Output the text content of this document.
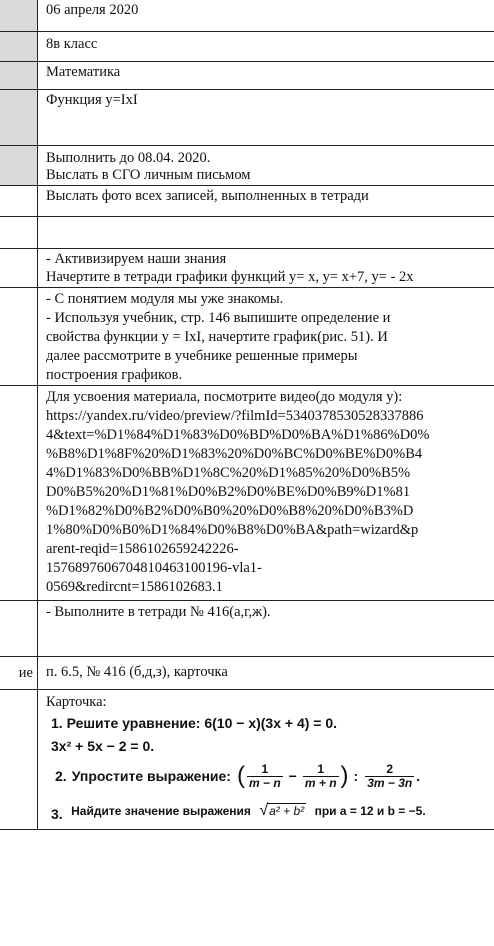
06 апреля 2020
8в класс
Математика
Функция y=IxI
Выполнить до 08.04. 2020.
Выслать в СГО личным письмом
Выслать фото всех записей, выполненных в тетради
- Активизируем наши знания
Начертите в тетради графики функций y= x, y= x+7, y= - 2x
- С понятием модуля мы уже знакомы.
- Используя учебник, стр. 146 выпишите определение и
свойства функции y = IxI, начертите график(рис. 51). И
далее рассмотрите в учебнике решенные примеры
построения графиков.
Для усвоения материала, посмотрите видео(до модуля y):
https://yandex.ru/video/preview/?filmId=5340378530528337886
4&text=%D1%84%D1%83%D0%BD%D0%BA%D1%86%D0%
%B8%D1%8F%20%D1%83%20%D0%BC%D0%BE%D0%B4
4%D1%83%D0%BB%D1%8C%20%D1%85%20%D0%B5%
D0%B5%20%D1%81%D0%B2%D0%BE%D0%B9%D1%81
%D1%82%D0%B2%D0%B0%20%D0%B8%20%D0%B3%D
1%80%D0%B0%D1%84%D0%B8%D0%BA&path=wizard&p
arent-reqid=1586102659242226-
15768976067048104631001​96-vla1-
0569&redircnt=1586102683.1
- Выполните в тетради № 416(а,г,ж).
ие п. 6.5, № 416 (б,д,з), карточка
Карточка:
1. Решите уравнение: 6(10 − x)(3x + 4) = 0.
3x² + 5x − 2 = 0.
2. Упростите выражение: ( $\frac{1}{m - n} - \frac{1}{m + n}$ ) : $\frac{2}{3m - 3n}$ .
3. Найдите значение выражения √a² + b² при a = 12 и b = −5.
